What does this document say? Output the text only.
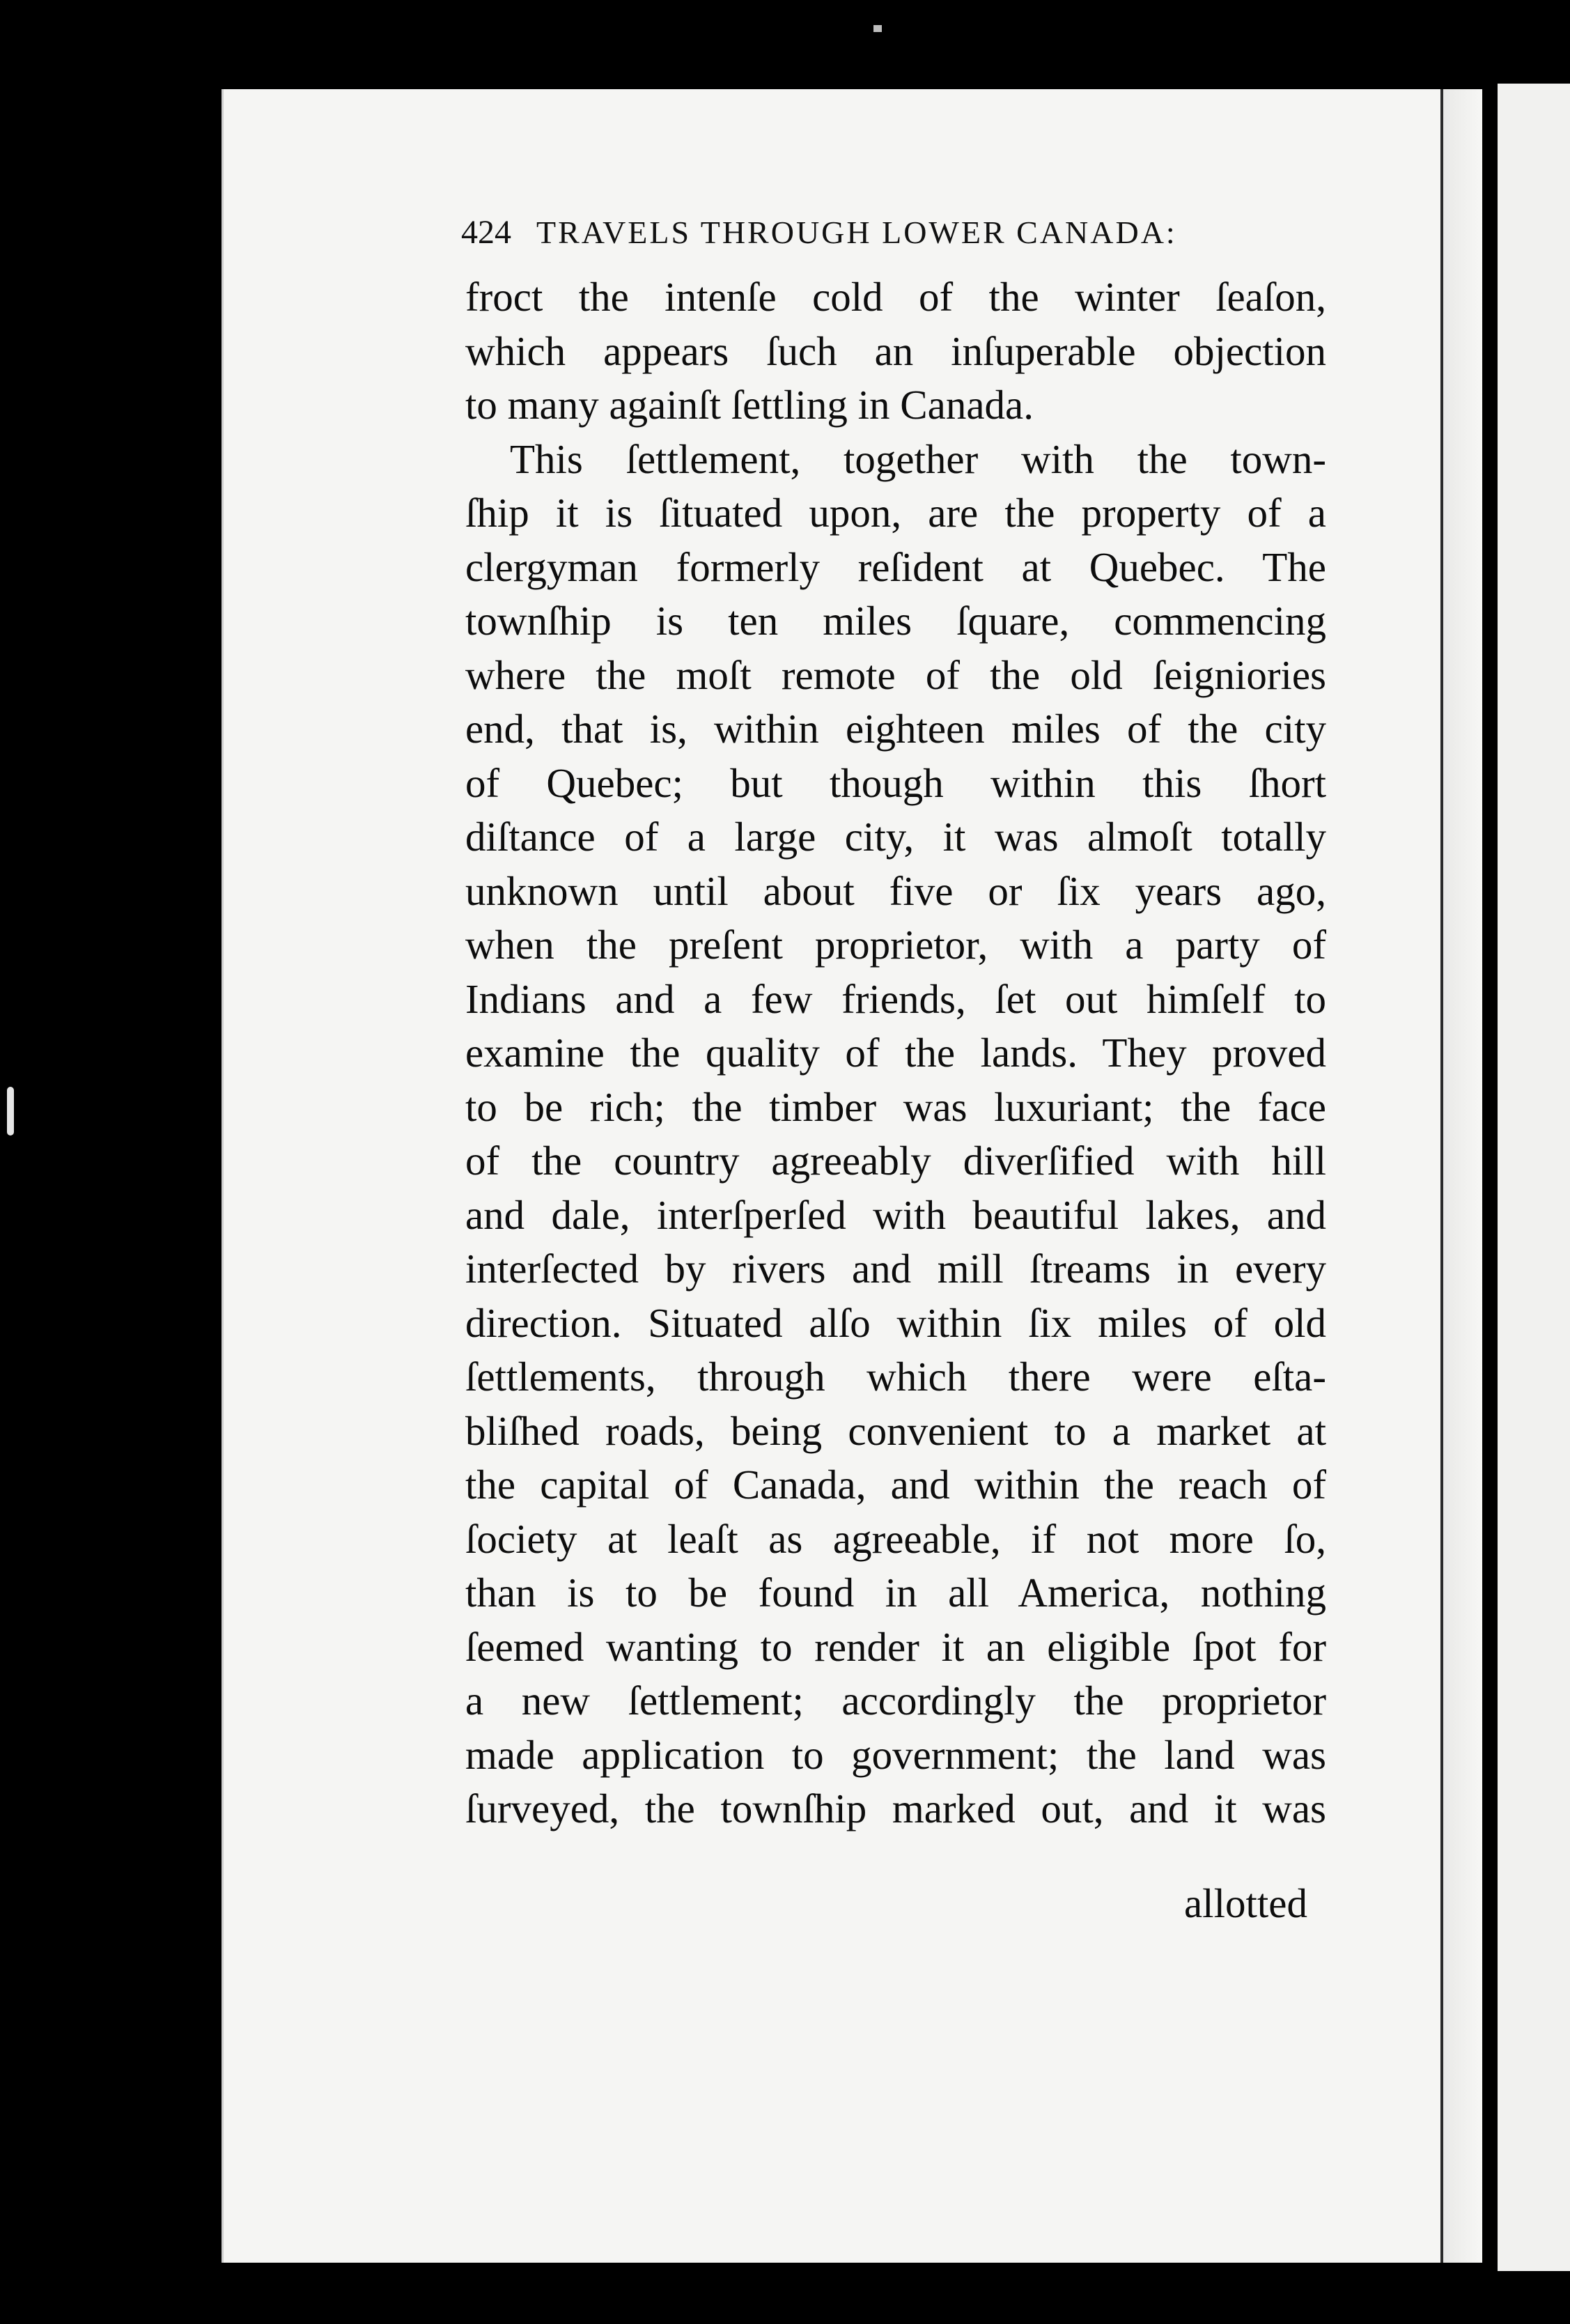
424 TRAVELS THROUGH LOWER CANADA:
froct the intenſe cold of the winter ſeaſon,
which appears ſuch an inſuperable objection
to many againſt ſettling in Canada.
This ſettlement, together with the town-
ſhip it is ſituated upon, are the property of a
clergyman formerly reſident at Quebec. The
townſhip is ten miles ſquare, commencing
where the moſt remote of the old ſeigniories
end, that is, within eighteen miles of the city
of Quebec; but though within this ſhort
diſtance of a large city, it was almoſt totally
unknown until about five or ſix years ago,
when the preſent proprietor, with a party of
Indians and a few friends, ſet out himſelf to
examine the quality of the lands. They proved
to be rich; the timber was luxuriant; the face
of the country agreeably diverſified with hill
and dale, interſperſed with beautiful lakes, and
interſected by rivers and mill ſtreams in every
direction. Situated alſo within ſix miles of old
ſettlements, through which there were eſta-
bliſhed roads, being convenient to a market at
the capital of Canada, and within the reach of
ſociety at leaſt as agreeable, if not more ſo,
than is to be found in all America, nothing
ſeemed wanting to render it an eligible ſpot for
a new ſettlement; accordingly the proprietor
made application to government; the land was
ſurveyed, the townſhip marked out, and it was
allotted
